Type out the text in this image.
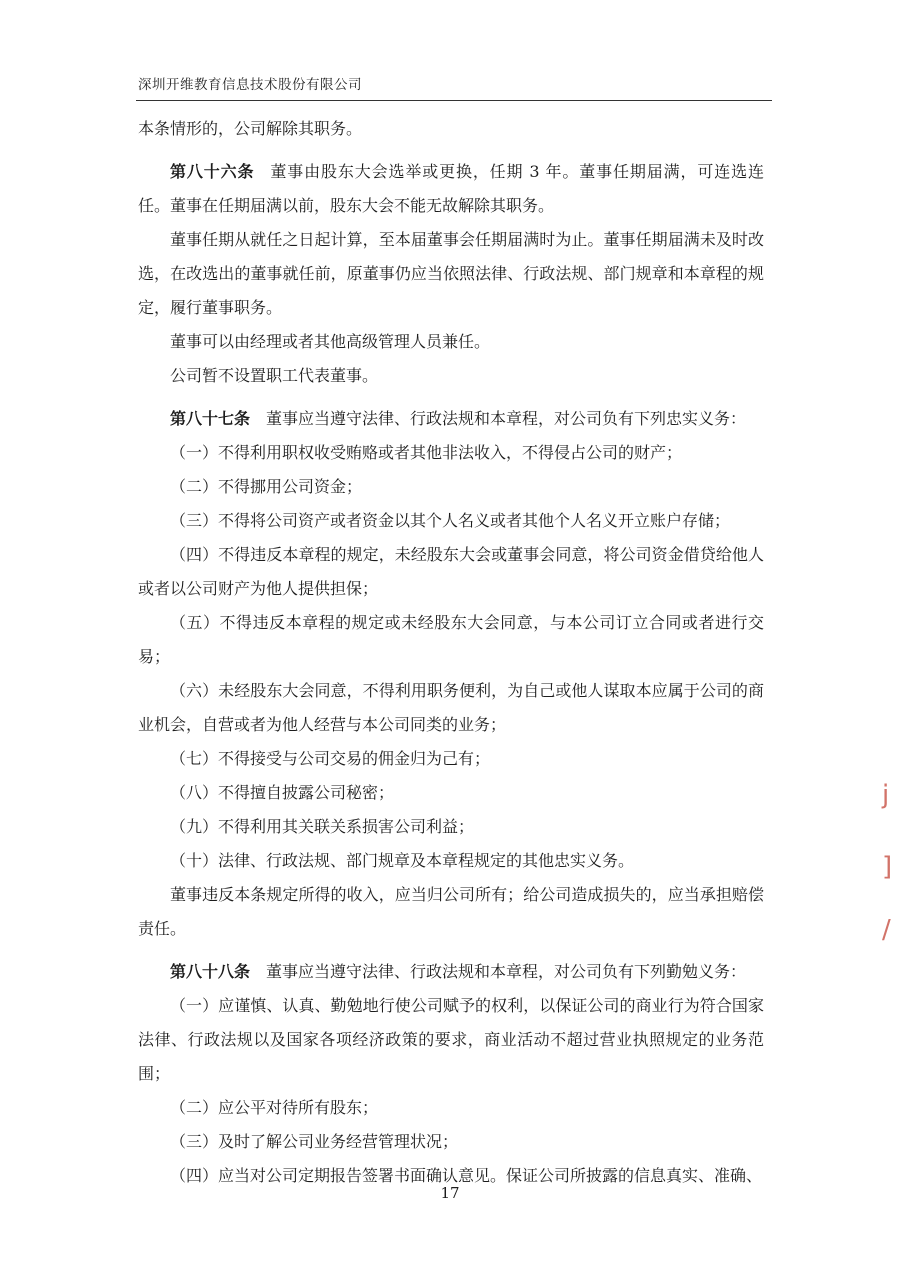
深圳开维教育信息技术股份有限公司

本条情形的，公司解除其职务。

第八十六条 董事由股东大会选举或更换，任期 3 年。董事任期届满，可连选连任。董事在任期届满以前，股东大会不能无故解除其职务。

董事任期从就任之日起计算，至本届董事会任期届满时为止。董事任期届满未及时改选，在改选出的董事就任前，原董事仍应当依照法律、行政法规、部门规章和本章程的规定，履行董事职务。

董事可以由经理或者其他高级管理人员兼任。

公司暂不设置职工代表董事。

第八十七条 董事应当遵守法律、行政法规和本章程，对公司负有下列忠实义务：

（一）不得利用职权收受贿赂或者其他非法收入，不得侵占公司的财产；

（二）不得挪用公司资金；

（三）不得将公司资产或者资金以其个人名义或者其他个人名义开立账户存储；

（四）不得违反本章程的规定，未经股东大会或董事会同意，将公司资金借贷给他人或者以公司财产为他人提供担保；

（五）不得违反本章程的规定或未经股东大会同意，与本公司订立合同或者进行交易；

（六）未经股东大会同意，不得利用职务便利，为自己或他人谋取本应属于公司的商业机会，自营或者为他人经营与本公司同类的业务；

（七）不得接受与公司交易的佣金归为己有；

（八）不得擅自披露公司秘密；

（九）不得利用其关联关系损害公司利益；

（十）法律、行政法规、部门规章及本章程规定的其他忠实义务。

董事违反本条规定所得的收入，应当归公司所有；给公司造成损失的，应当承担赔偿责任。

第八十八条 董事应当遵守法律、行政法规和本章程，对公司负有下列勤勉义务：

（一）应谨慎、认真、勤勉地行使公司赋予的权利，以保证公司的商业行为符合国家法律、行政法规以及国家各项经济政策的要求，商业活动不超过营业执照规定的业务范围；

（二）应公平对待所有股东；

（三）及时了解公司业务经营管理状况；

（四）应当对公司定期报告签署书面确认意见。保证公司所披露的信息真实、准确、

17
j
]
/
